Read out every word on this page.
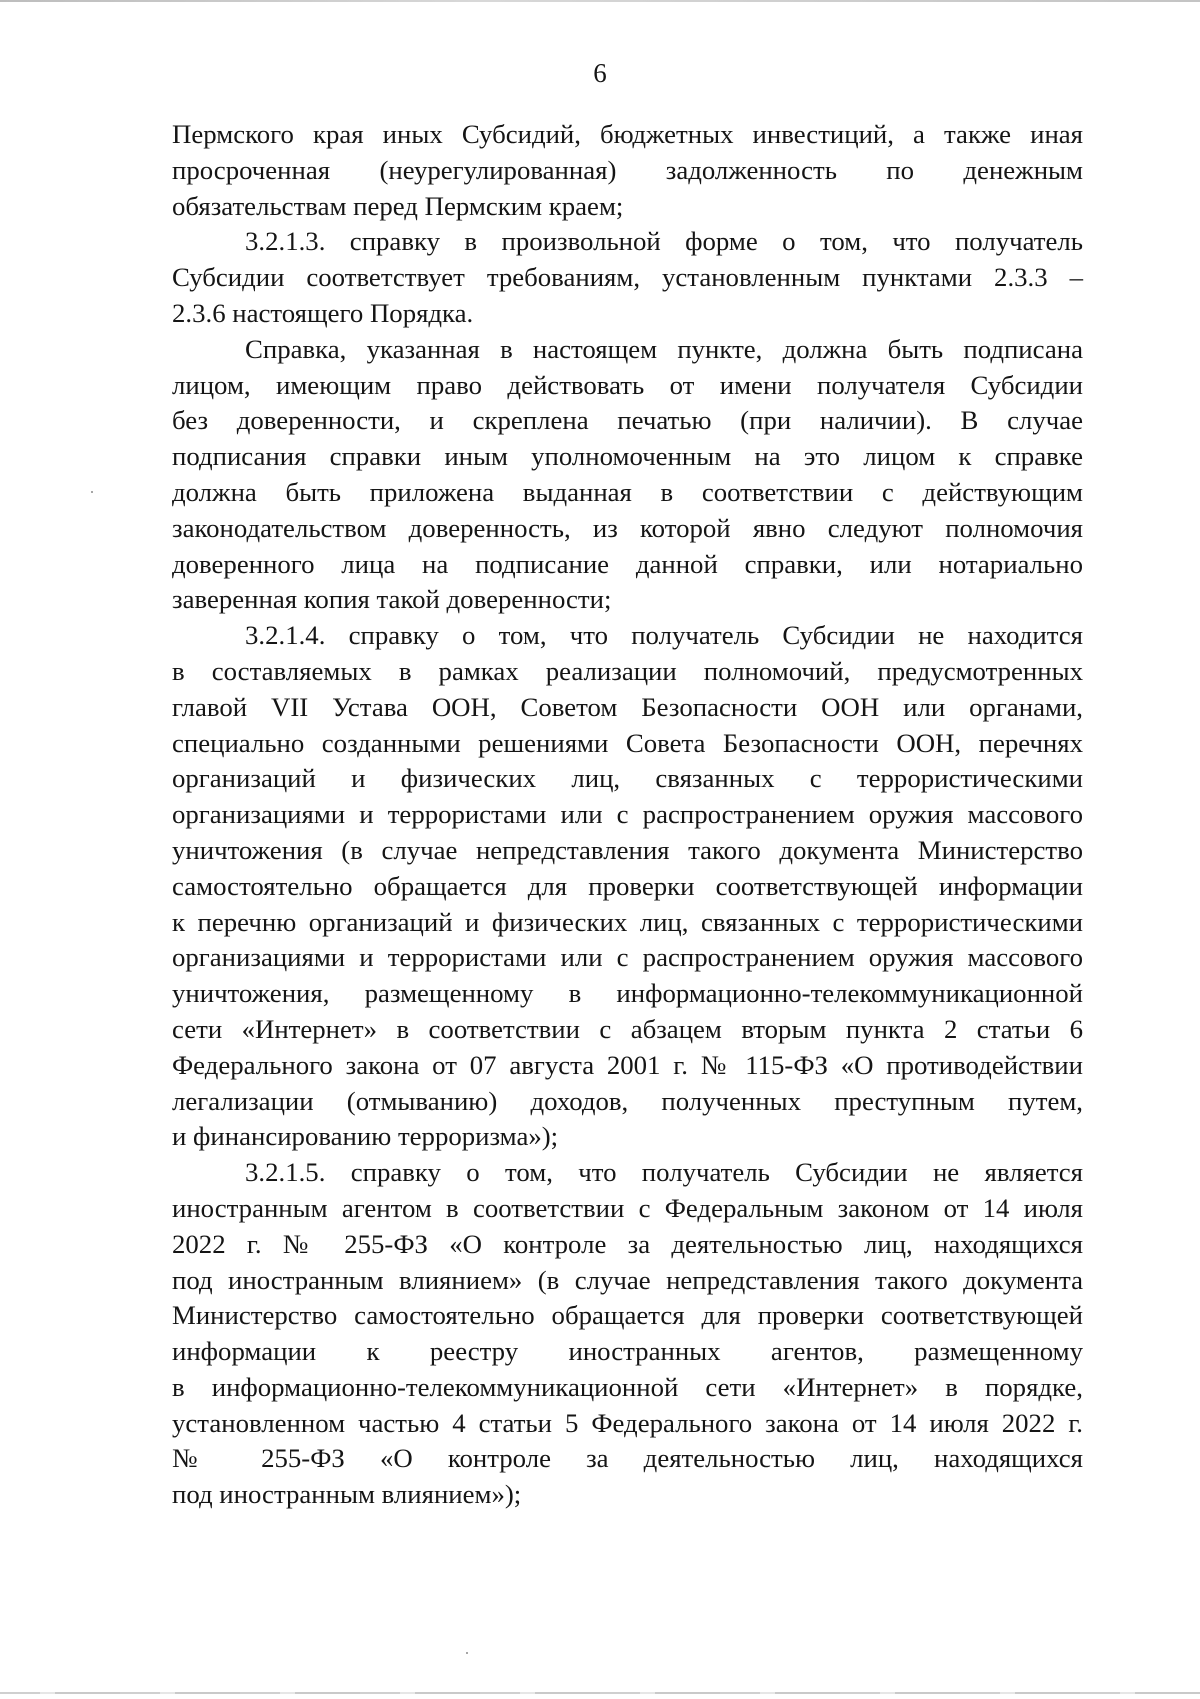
6

Пермского края иных Субсидий, бюджетных инвестиций, а также иная
просроченная (неурегулированная) задолженность по денежным
обязательствам перед Пермским краем;

3.2.1.3. справку в произвольной форме о том, что получатель
Субсидии соответствует требованиям, установленным пунктами 2.3.3 –
2.3.6 настоящего Порядка.

Справка, указанная в настоящем пункте, должна быть подписана
лицом, имеющим право действовать от имени получателя Субсидии
без доверенности, и скреплена печатью (при наличии). В случае
подписания справки иным уполномоченным на это лицом к справке
должна быть приложена выданная в соответствии с действующим
законодательством доверенность, из которой явно следуют полномочия
доверенного лица на подписание данной справки, или нотариально
заверенная копия такой доверенности;

3.2.1.4. справку о том, что получатель Субсидии не находится
в составляемых в рамках реализации полномочий, предусмотренных
главой VII Устава ООН, Советом Безопасности ООН или органами,
специально созданными решениями Совета Безопасности ООН, перечнях
организаций и физических лиц, связанных с террористическими
организациями и террористами или с распространением оружия массового
уничтожения (в случае непредставления такого документа Министерство
самостоятельно обращается для проверки соответствующей информации
к перечню организаций и физических лиц, связанных с террористическими
организациями и террористами или с распространением оружия массового
уничтожения, размещенному в информационно-телекоммуникационной
сети «Интернет» в соответствии с абзацем вторым пункта 2 статьи 6
Федерального закона от 07 августа 2001 г. № 115-ФЗ «О противодействии
легализации (отмыванию) доходов, полученных преступным путем,
и финансированию терроризма»);

3.2.1.5. справку о том, что получатель Субсидии не является
иностранным агентом в соответствии с Федеральным законом от 14 июля
2022 г. № 255-ФЗ «О контроле за деятельностью лиц, находящихся
под иностранным влиянием» (в случае непредставления такого документа
Министерство самостоятельно обращается для проверки соответствующей
информации к реестру иностранных агентов, размещенному
в информационно-телекоммуникационной сети «Интернет» в порядке,
установленном частью 4 статьи 5 Федерального закона от 14 июля 2022 г.
№ 255-ФЗ «О контроле за деятельностью лиц, находящихся
под иностранным влиянием»);
